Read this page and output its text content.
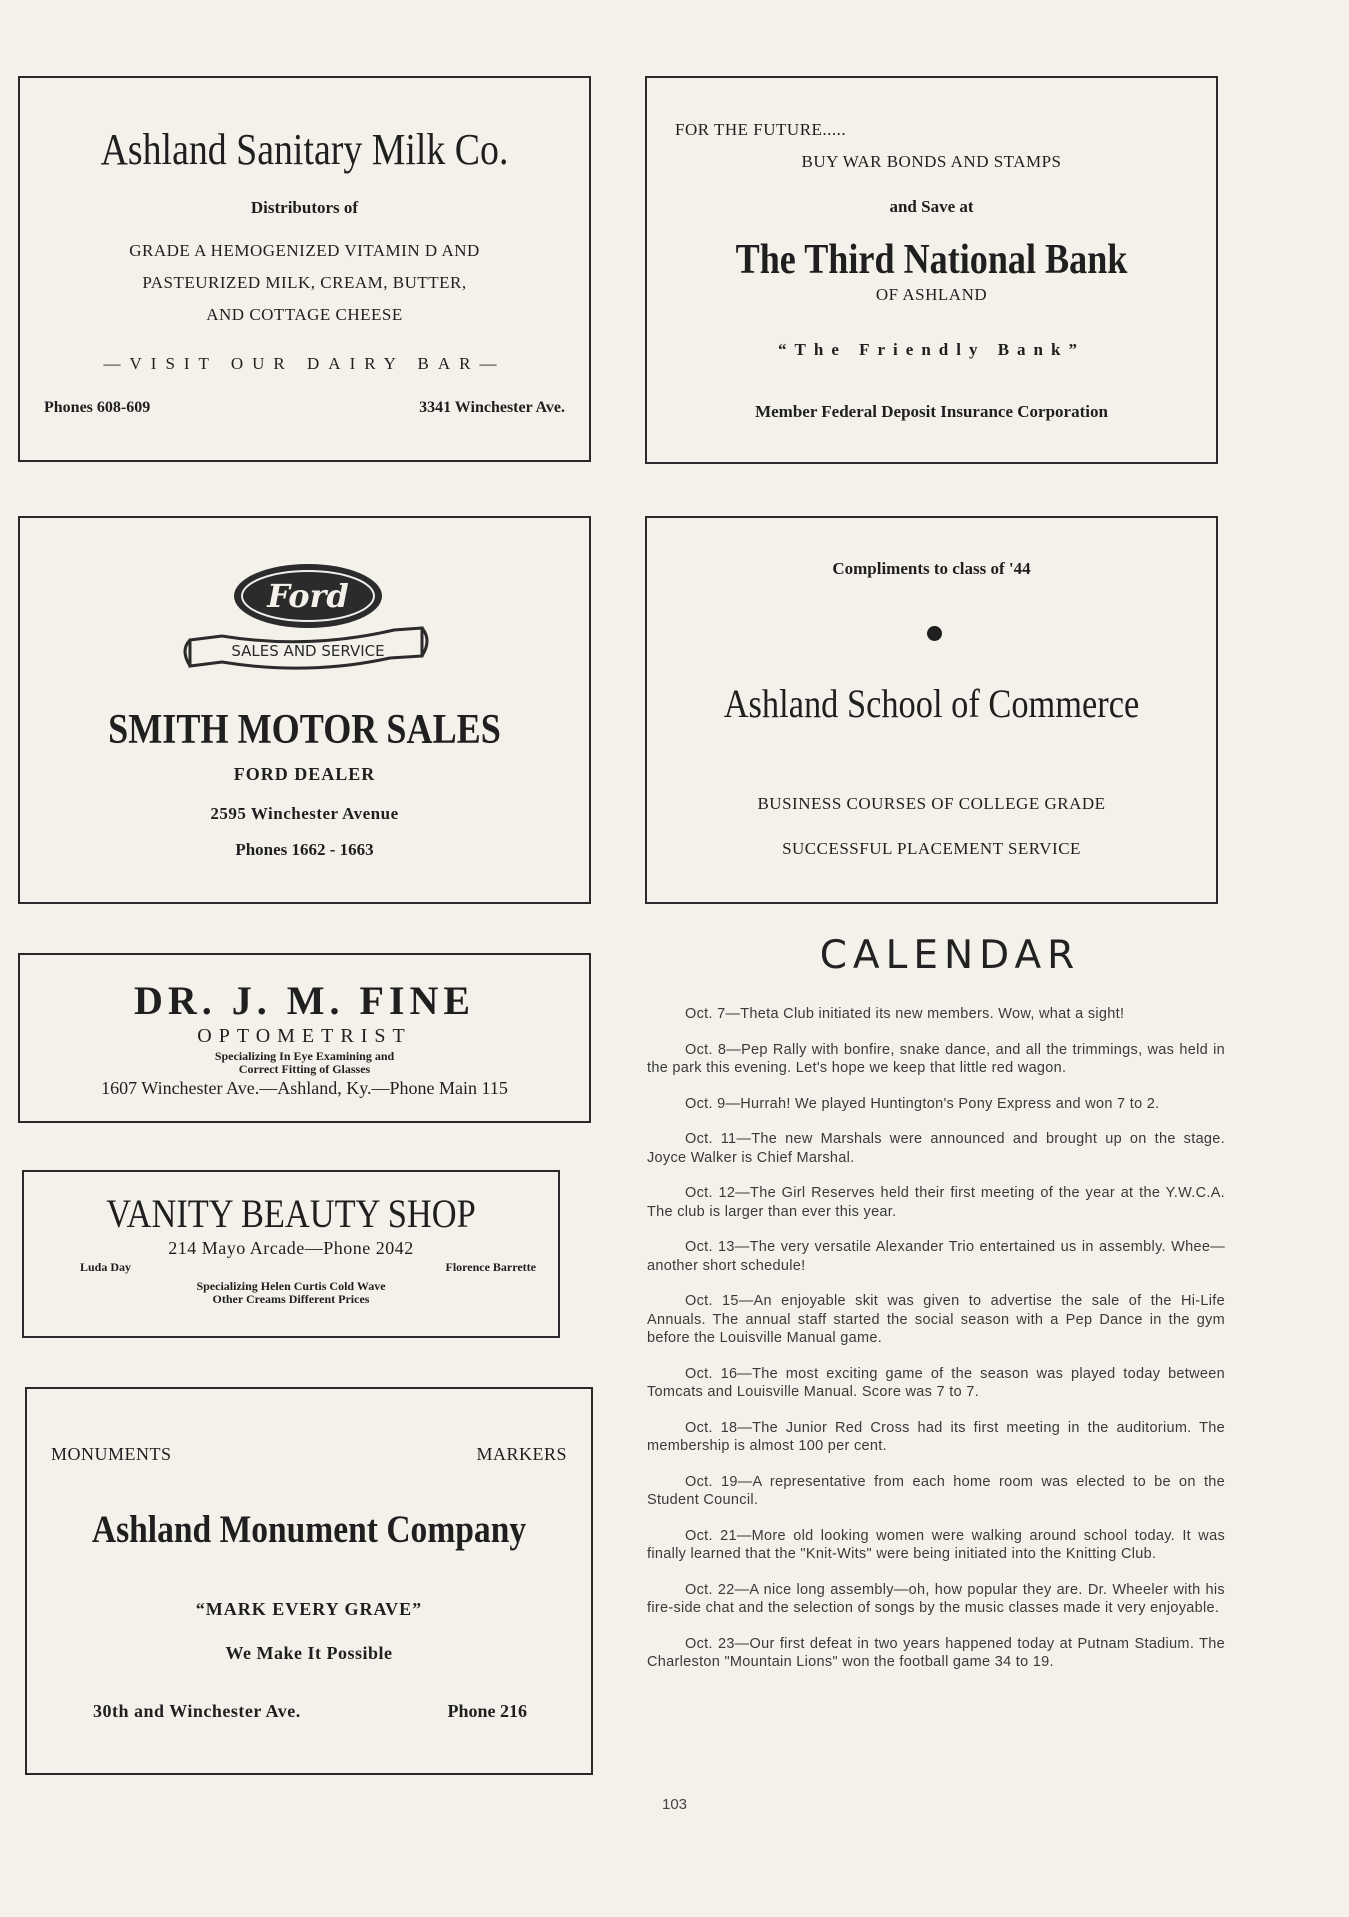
Ashland Sanitary Milk Co.
Distributors of
GRADE A HEMOGENIZED VITAMIN D AND
PASTEURIZED MILK, CREAM, BUTTER,
AND COTTAGE CHEESE
—VISIT OUR DAIRY BAR—
Phones 608-609	3341 Winchester Ave.
FOR THE FUTURE.....
BUY WAR BONDS AND STAMPS
and Save at
The Third National Bank
OF ASHLAND
“The Friendly Bank”
Member Federal Deposit Insurance Corporation
Ford
SALES AND SERVICE
SMITH MOTOR SALES
FORD DEALER
2595 Winchester Avenue
Phones 1662 - 1663
Compliments to class of '44
Ashland School of Commerce
BUSINESS COURSES OF COLLEGE GRADE
SUCCESSFUL PLACEMENT SERVICE
DR. J. M. FINE
OPTOMETRIST
Specializing In Eye Examining and
Correct Fitting of Glasses
1607 Winchester Ave.—Ashland, Ky.—Phone Main 115
VANITY BEAUTY SHOP
214 Mayo Arcade—Phone 2042
Luda Day	Florence Barrette
Specializing Helen Curtis Cold Wave
Other Creams Different Prices
MONUMENTS	MARKERS
Ashland Monument Company
“MARK EVERY GRAVE”
We Make It Possible
30th and Winchester Ave.	Phone 216
CALENDAR

Oct. 7—Theta Club initiated its new members. Wow, what a sight!

Oct. 8—Pep Rally with bonfire, snake dance, and all the trimmings, was held in the park this evening. Let's hope we keep that little red wagon.

Oct. 9—Hurrah! We played Huntington's Pony Express and won 7 to 2.

Oct. 11—The new Marshals were announced and brought up on the stage. Joyce Walker is Chief Marshal.

Oct. 12—The Girl Reserves held their first meeting of the year at the Y.W.C.A. The club is larger than ever this year.

Oct. 13—The very versatile Alexander Trio entertained us in assembly. Whee—another short schedule!

Oct. 15—An enjoyable skit was given to advertise the sale of the Hi-Life Annuals. The annual staff started the social season with a Pep Dance in the gym before the Louisville Manual game.

Oct. 16—The most exciting game of the season was played today between Tomcats and Louisville Manual. Score was 7 to 7.

Oct. 18—The Junior Red Cross had its first meeting in the auditorium. The membership is almost 100 per cent.

Oct. 19—A representative from each home room was elected to be on the Student Council.

Oct. 21—More old looking women were walking around school today. It was finally learned that the "Knit-Wits" were being initiated into the Knitting Club.

Oct. 22—A nice long assembly—oh, how popular they are. Dr. Wheeler with his fire-side chat and the selection of songs by the music classes made it very enjoyable.

Oct. 23—Our first defeat in two years happened today at Putnam Stadium. The Charleston "Mountain Lions" won the football game 34 to 19.

103
